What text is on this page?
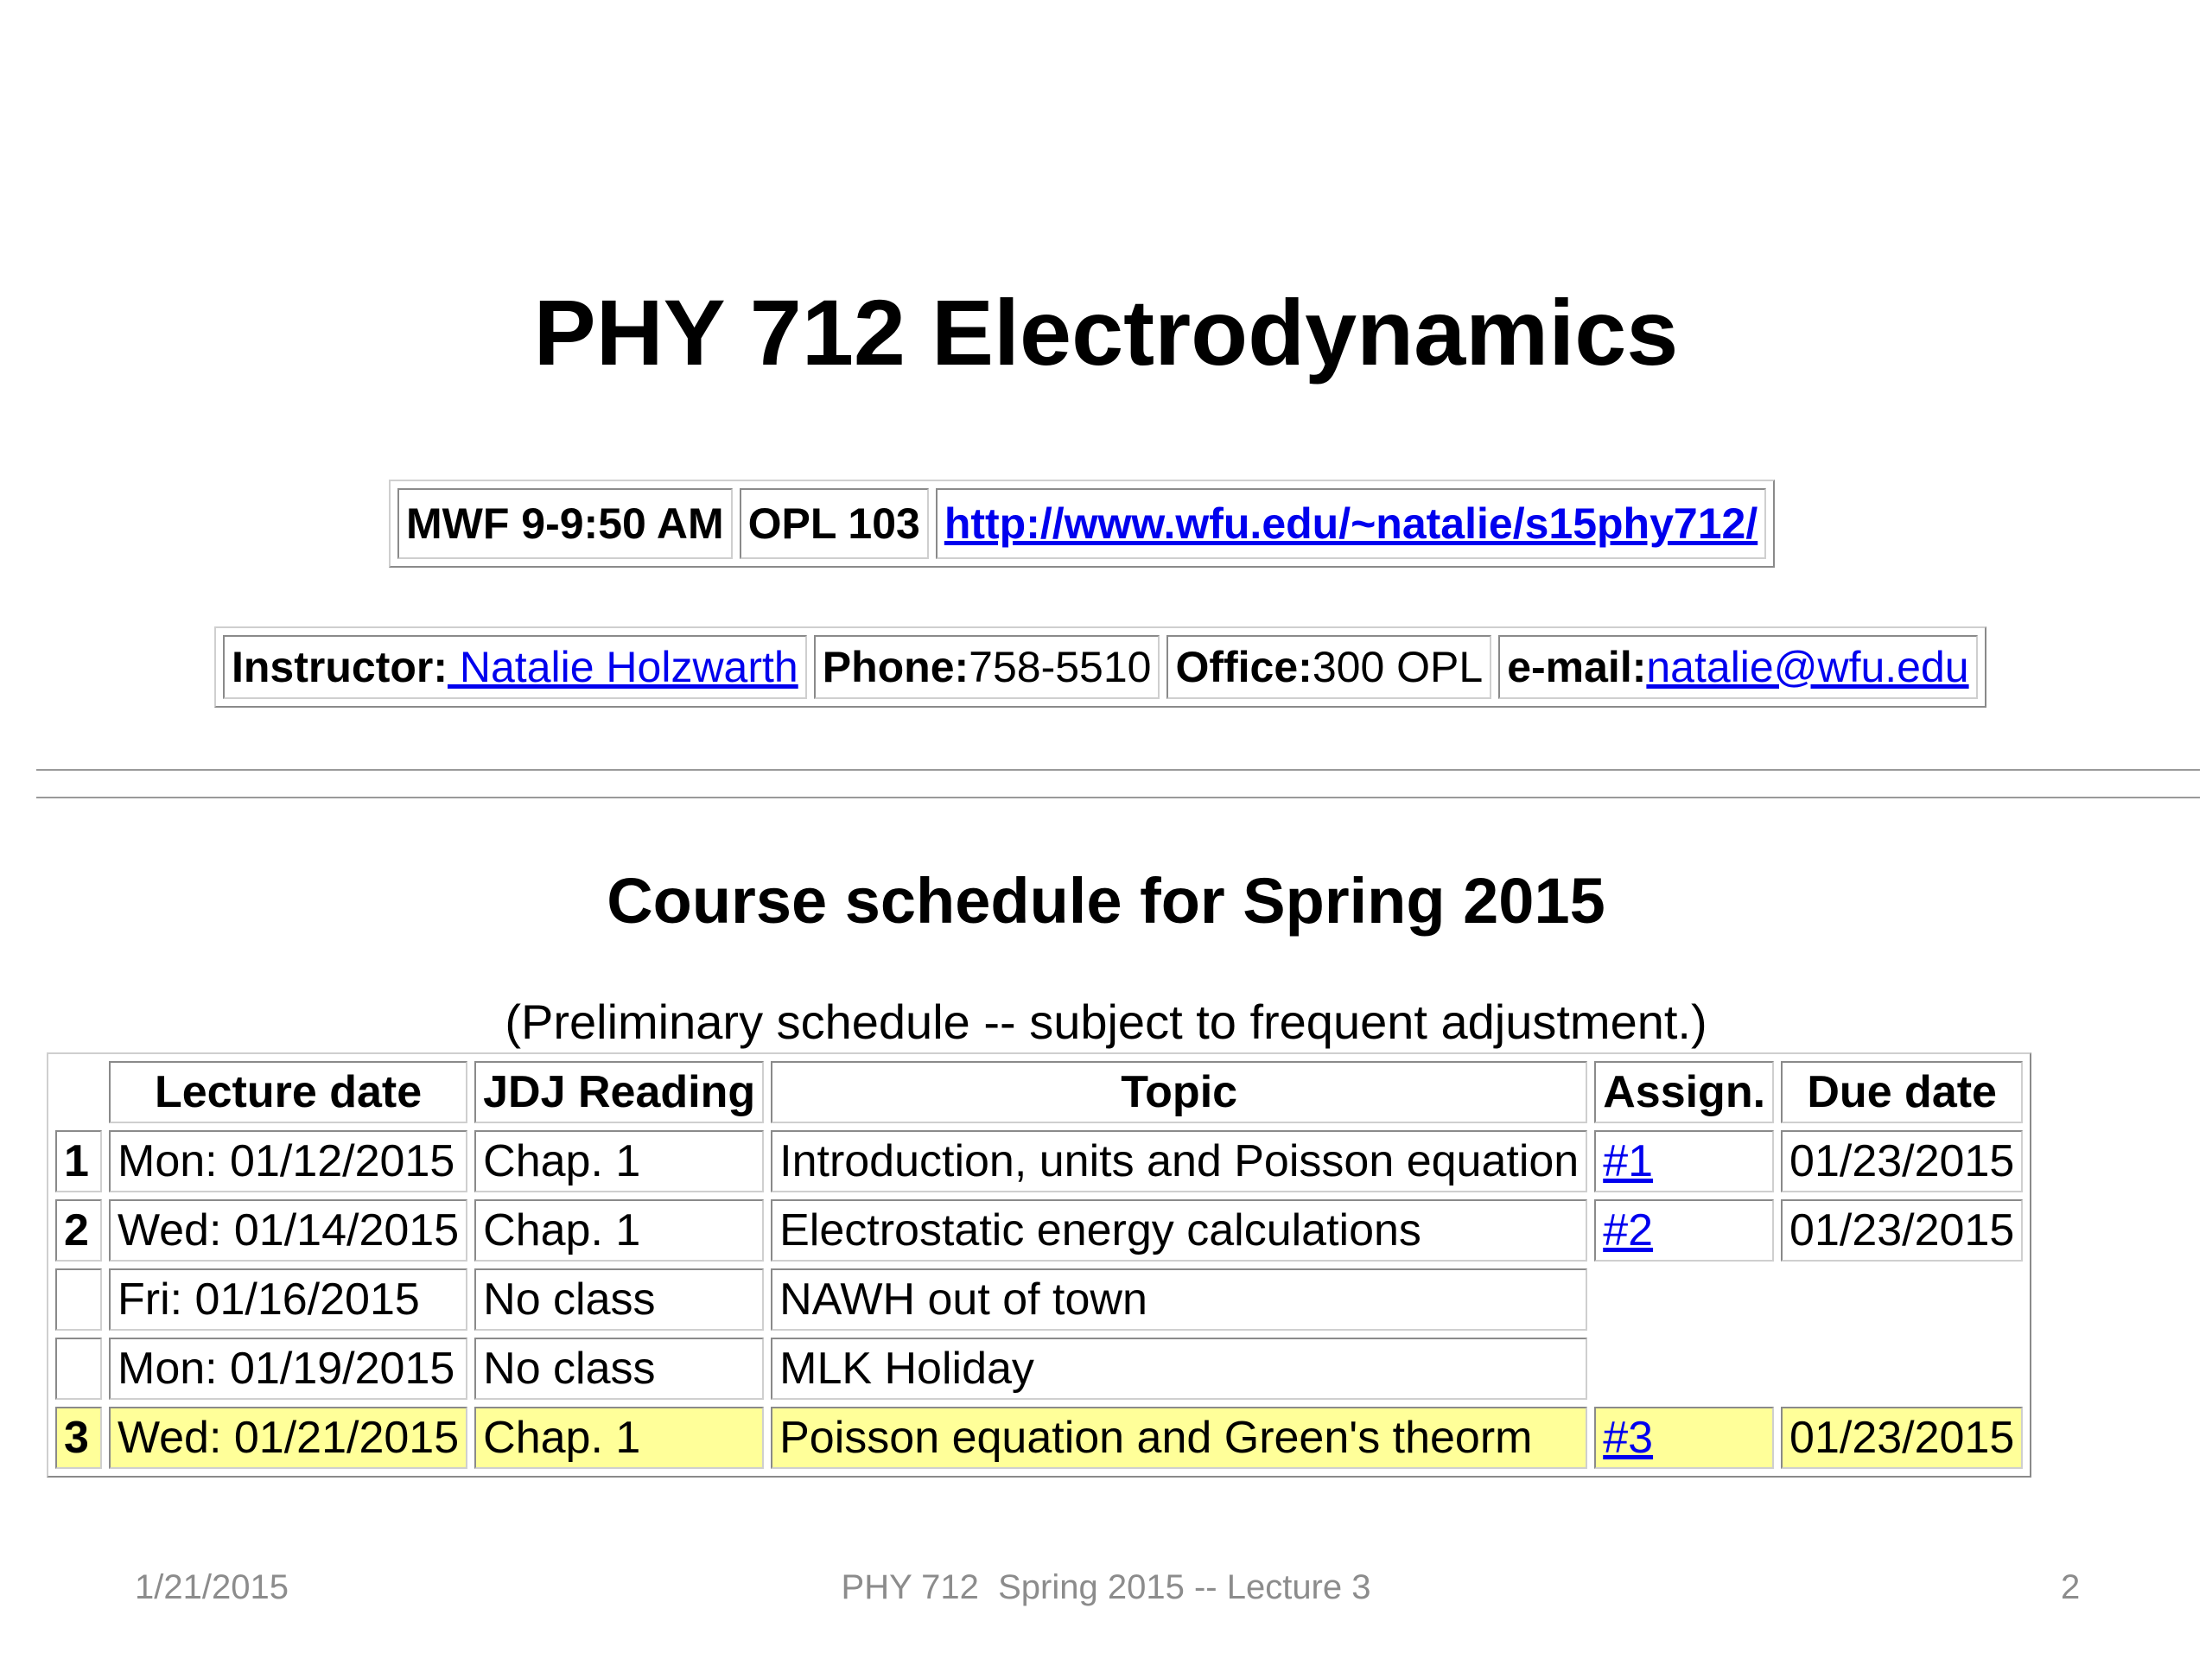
PHY 712 Electrodynamics
MWF 9-9:50 AM	OPL 103	http://www.wfu.edu/~natalie/s15phy712/
Instructor: Natalie Holzwarth	Phone:758-5510	Office:300 OPL	e-mail:natalie@wfu.edu
Course schedule for Spring 2015
(Preliminary schedule -- subject to frequent adjustment.)
	Lecture date	JDJ Reading	Topic	Assign.	Due date
1	Mon: 01/12/2015	Chap. 1	Introduction, units and Poisson equation	#1	01/23/2015
2	Wed: 01/14/2015	Chap. 1	Electrostatic energy calculations	#2	01/23/2015
	Fri: 01/16/2015	No class	NAWH out of town		
	Mon: 01/19/2015	No class	MLK Holiday		
3	Wed: 01/21/2015	Chap. 1	Poisson equation and Green's theorm	#3	01/23/2015
1/21/2015	PHY 712  Spring 2015 -- Lecture 3	2
